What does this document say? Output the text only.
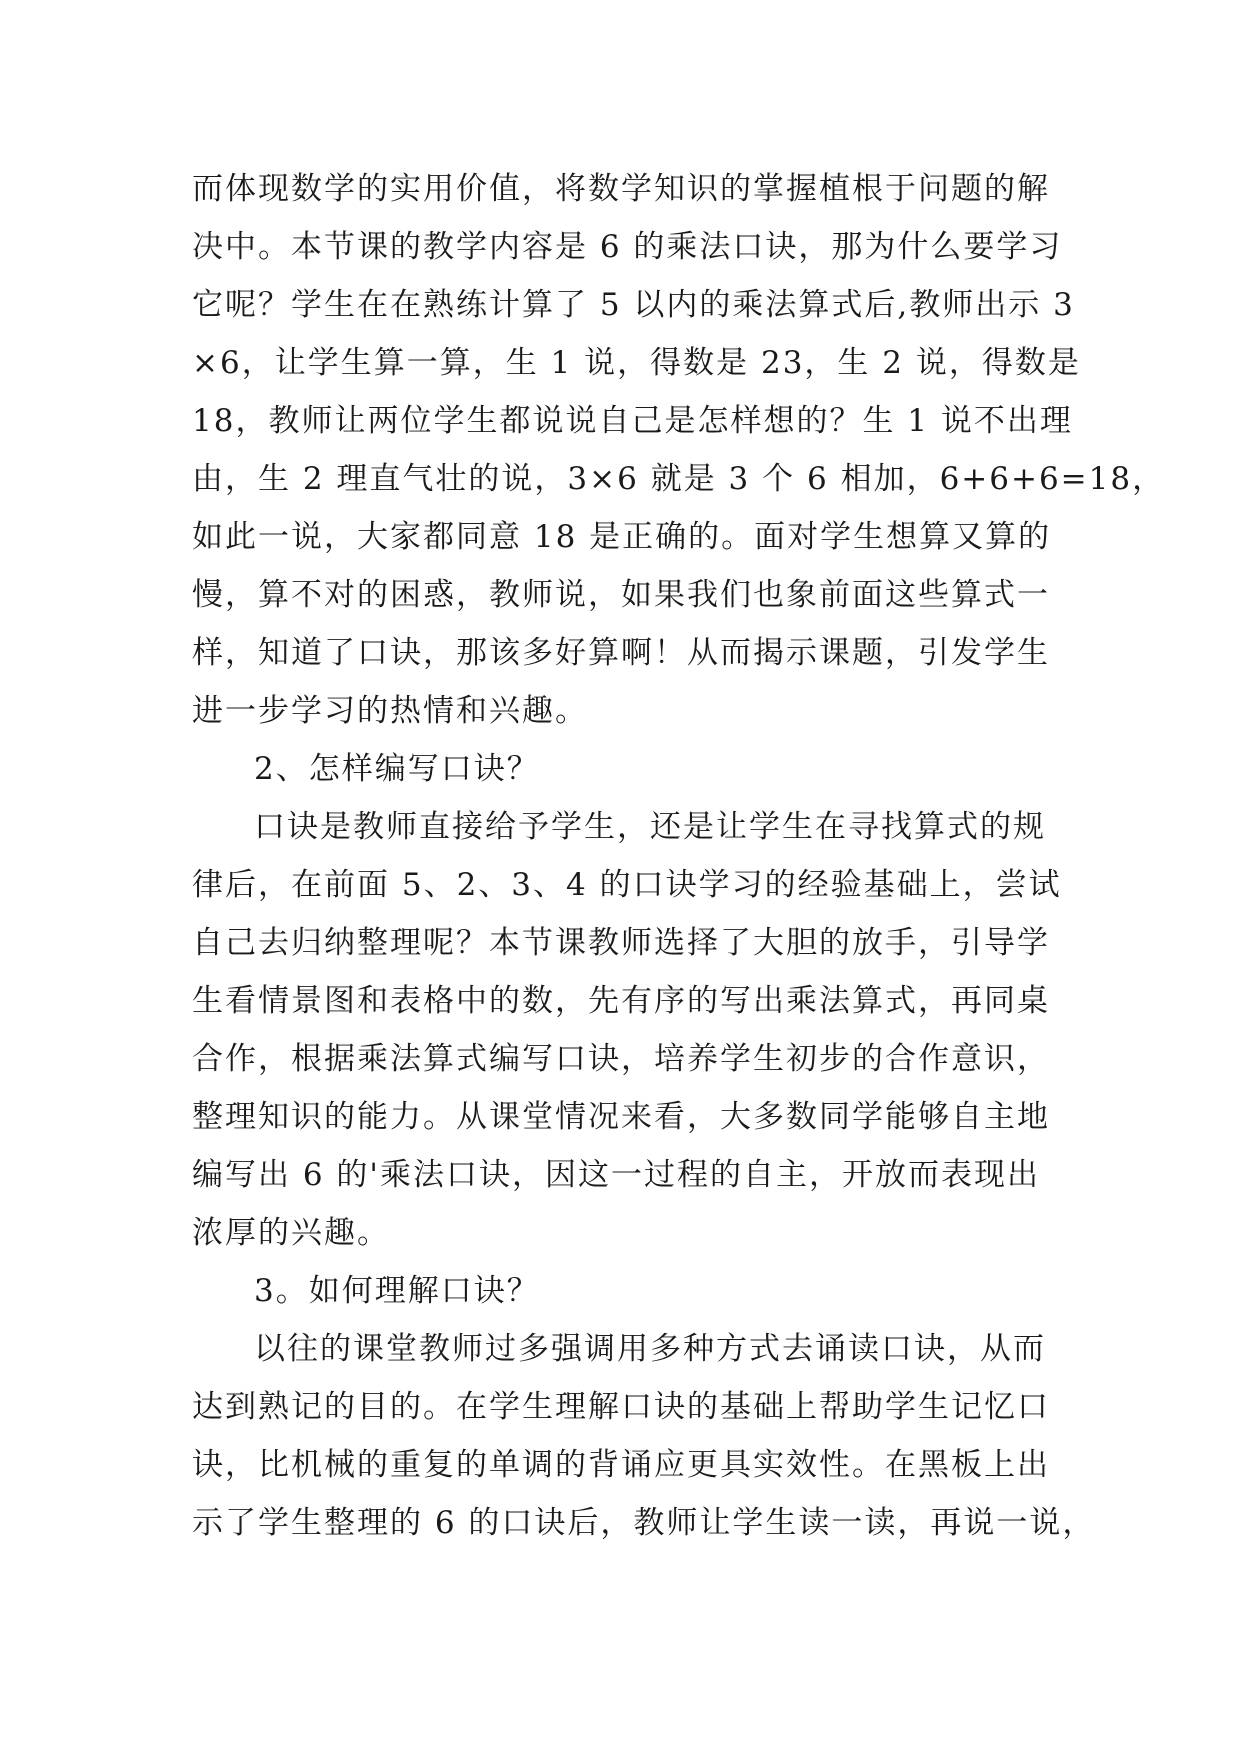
而体现数学的实用价值，将数学知识的掌握植根于问题的解
决中。本节课的教学内容是 6 的乘法口诀，那为什么要学习
它呢？学生在在熟练计算了 5 以内的乘法算式后,教师出示 3
×6，让学生算一算，生 1 说，得数是 23，生 2 说，得数是
18，教师让两位学生都说说自己是怎样想的？生 1 说不出理
由，生 2 理直气壮的说，3×6 就是 3 个 6 相加，6+6+6=18，
如此一说，大家都同意 18 是正确的。面对学生想算又算的
慢，算不对的困惑，教师说，如果我们也象前面这些算式一
样，知道了口诀，那该多好算啊！从而揭示课题，引发学生
进一步学习的热情和兴趣。
2、怎样编写口诀？
口诀是教师直接给予学生，还是让学生在寻找算式的规
律后，在前面 5、2、3、4 的口诀学习的经验基础上，尝试
自己去归纳整理呢？本节课教师选择了大胆的放手，引导学
生看情景图和表格中的数，先有序的写出乘法算式，再同桌
合作，根据乘法算式编写口诀，培养学生初步的合作意识，
整理知识的能力。从课堂情况来看，大多数同学能够自主地
编写出 6 的'乘法口诀，因这一过程的自主，开放而表现出
浓厚的兴趣。
3。如何理解口诀？
以往的课堂教师过多强调用多种方式去诵读口诀，从而
达到熟记的目的。在学生理解口诀的基础上帮助学生记忆口
诀，比机械的重复的单调的背诵应更具实效性。在黑板上出
示了学生整理的 6 的口诀后，教师让学生读一读，再说一说，
